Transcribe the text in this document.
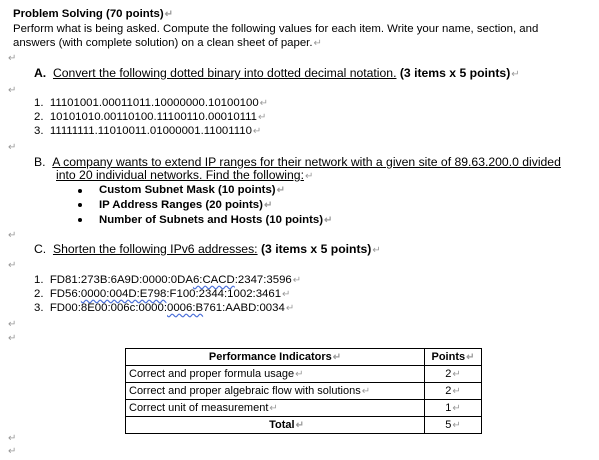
Problem Solving (70 points)↵
Perform what is being asked. Compute the following values for each item. Write your name, section, and
answers (with complete solution) on a clean sheet of paper.↵
↵
A. Convert the following dotted binary into dotted decimal notation. (3 items x 5 points)↵
↵
1. 11101001.00011011.10000000.10100100↵
2. 10101010.00110100.11100110.00010111↵
3. 11111111.11010011.01000001.11001110↵
↵
B. A company wants to extend IP ranges for their network with a given site of 89.63.200.0 divided
into 20 individual networks. Find the following:↵
Custom Subnet Mask (10 points)↵
IP Address Ranges (20 points)↵
Number of Subnets and Hosts (10 points)↵
↵
C. Shorten the following IPv6 addresses: (3 items x 5 points)↵
↵
1. FD81:273B:6A9D:0000:0DA6:CACD:2347:3596↵
2. FD56:0000:004D:E798:F100:2344:1002:3461↵
3. FD00:8E00:006c:0000:0006:B761:AABD:0034↵
↵
↵
Performance Indicators↵	Points↵
Correct and proper formula usage↵	2↵
Correct and proper algebraic flow with solutions↵	2↵
Correct unit of measurement↵	1↵
Total↵	5↵
↵
↵
